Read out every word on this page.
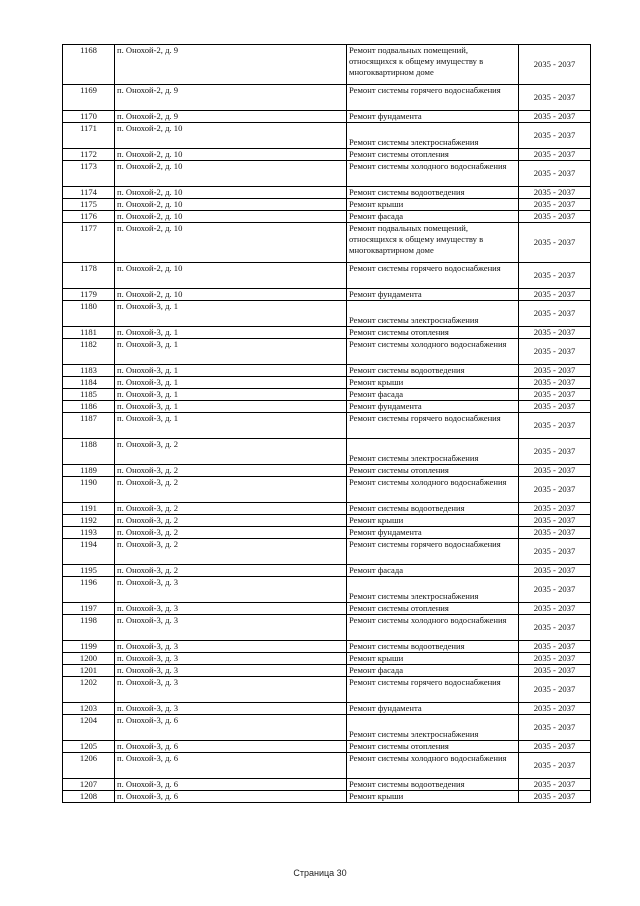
1168	п. Онохой-2, д. 9	Ремонт подвальных помещений, относящихся к общему имуществу в многоквартирном доме	2035 - 2037
1169	п. Онохой-2, д. 9	Ремонт системы горячего водоснабжения	2035 - 2037
1170	п. Онохой-2, д. 9	Ремонт фундамента	2035 - 2037
1171	п. Онохой-2, д. 10	Ремонт системы электроснабжения	2035 - 2037
1172	п. Онохой-2, д. 10	Ремонт системы отопления	2035 - 2037
1173	п. Онохой-2, д. 10	Ремонт системы холодного водоснабжения	2035 - 2037
1174	п. Онохой-2, д. 10	Ремонт системы водоотведения	2035 - 2037
1175	п. Онохой-2, д. 10	Ремонт крыши	2035 - 2037
1176	п. Онохой-2, д. 10	Ремонт фасада	2035 - 2037
1177	п. Онохой-2, д. 10	Ремонт подвальных помещений, относящихся к общему имуществу в многоквартирном доме	2035 - 2037
1178	п. Онохой-2, д. 10	Ремонт системы горячего водоснабжения	2035 - 2037
1179	п. Онохой-2, д. 10	Ремонт фундамента	2035 - 2037
1180	п. Онохой-3, д. 1	Ремонт системы электроснабжения	2035 - 2037
1181	п. Онохой-3, д. 1	Ремонт системы отопления	2035 - 2037
1182	п. Онохой-3, д. 1	Ремонт системы холодного водоснабжения	2035 - 2037
1183	п. Онохой-3, д. 1	Ремонт системы водоотведения	2035 - 2037
1184	п. Онохой-3, д. 1	Ремонт крыши	2035 - 2037
1185	п. Онохой-3, д. 1	Ремонт фасада	2035 - 2037
1186	п. Онохой-3, д. 1	Ремонт фундамента	2035 - 2037
1187	п. Онохой-3, д. 1	Ремонт системы горячего водоснабжения	2035 - 2037
1188	п. Онохой-3, д. 2	Ремонт системы электроснабжения	2035 - 2037
1189	п. Онохой-3, д. 2	Ремонт системы отопления	2035 - 2037
1190	п. Онохой-3, д. 2	Ремонт системы холодного водоснабжения	2035 - 2037
1191	п. Онохой-3, д. 2	Ремонт системы водоотведения	2035 - 2037
1192	п. Онохой-3, д. 2	Ремонт крыши	2035 - 2037
1193	п. Онохой-3, д. 2	Ремонт фундамента	2035 - 2037
1194	п. Онохой-3, д. 2	Ремонт системы горячего водоснабжения	2035 - 2037
1195	п. Онохой-3, д. 2	Ремонт фасада	2035 - 2037
1196	п. Онохой-3, д. 3	Ремонт системы электроснабжения	2035 - 2037
1197	п. Онохой-3, д. 3	Ремонт системы отопления	2035 - 2037
1198	п. Онохой-3, д. 3	Ремонт системы холодного водоснабжения	2035 - 2037
1199	п. Онохой-3, д. 3	Ремонт системы водоотведения	2035 - 2037
1200	п. Онохой-3, д. 3	Ремонт крыши	2035 - 2037
1201	п. Онохой-3, д. 3	Ремонт фасада	2035 - 2037
1202	п. Онохой-3, д. 3	Ремонт системы горячего водоснабжения	2035 - 2037
1203	п. Онохой-3, д. 3	Ремонт фундамента	2035 - 2037
1204	п. Онохой-3, д. 6	Ремонт системы электроснабжения	2035 - 2037
1205	п. Онохой-3, д. 6	Ремонт системы отопления	2035 - 2037
1206	п. Онохой-3, д. 6	Ремонт системы холодного водоснабжения	2035 - 2037
1207	п. Онохой-3, д. 6	Ремонт системы водоотведения	2035 - 2037
1208	п. Онохой-3, д. 6	Ремонт крыши	2035 - 2037
Страница 30
